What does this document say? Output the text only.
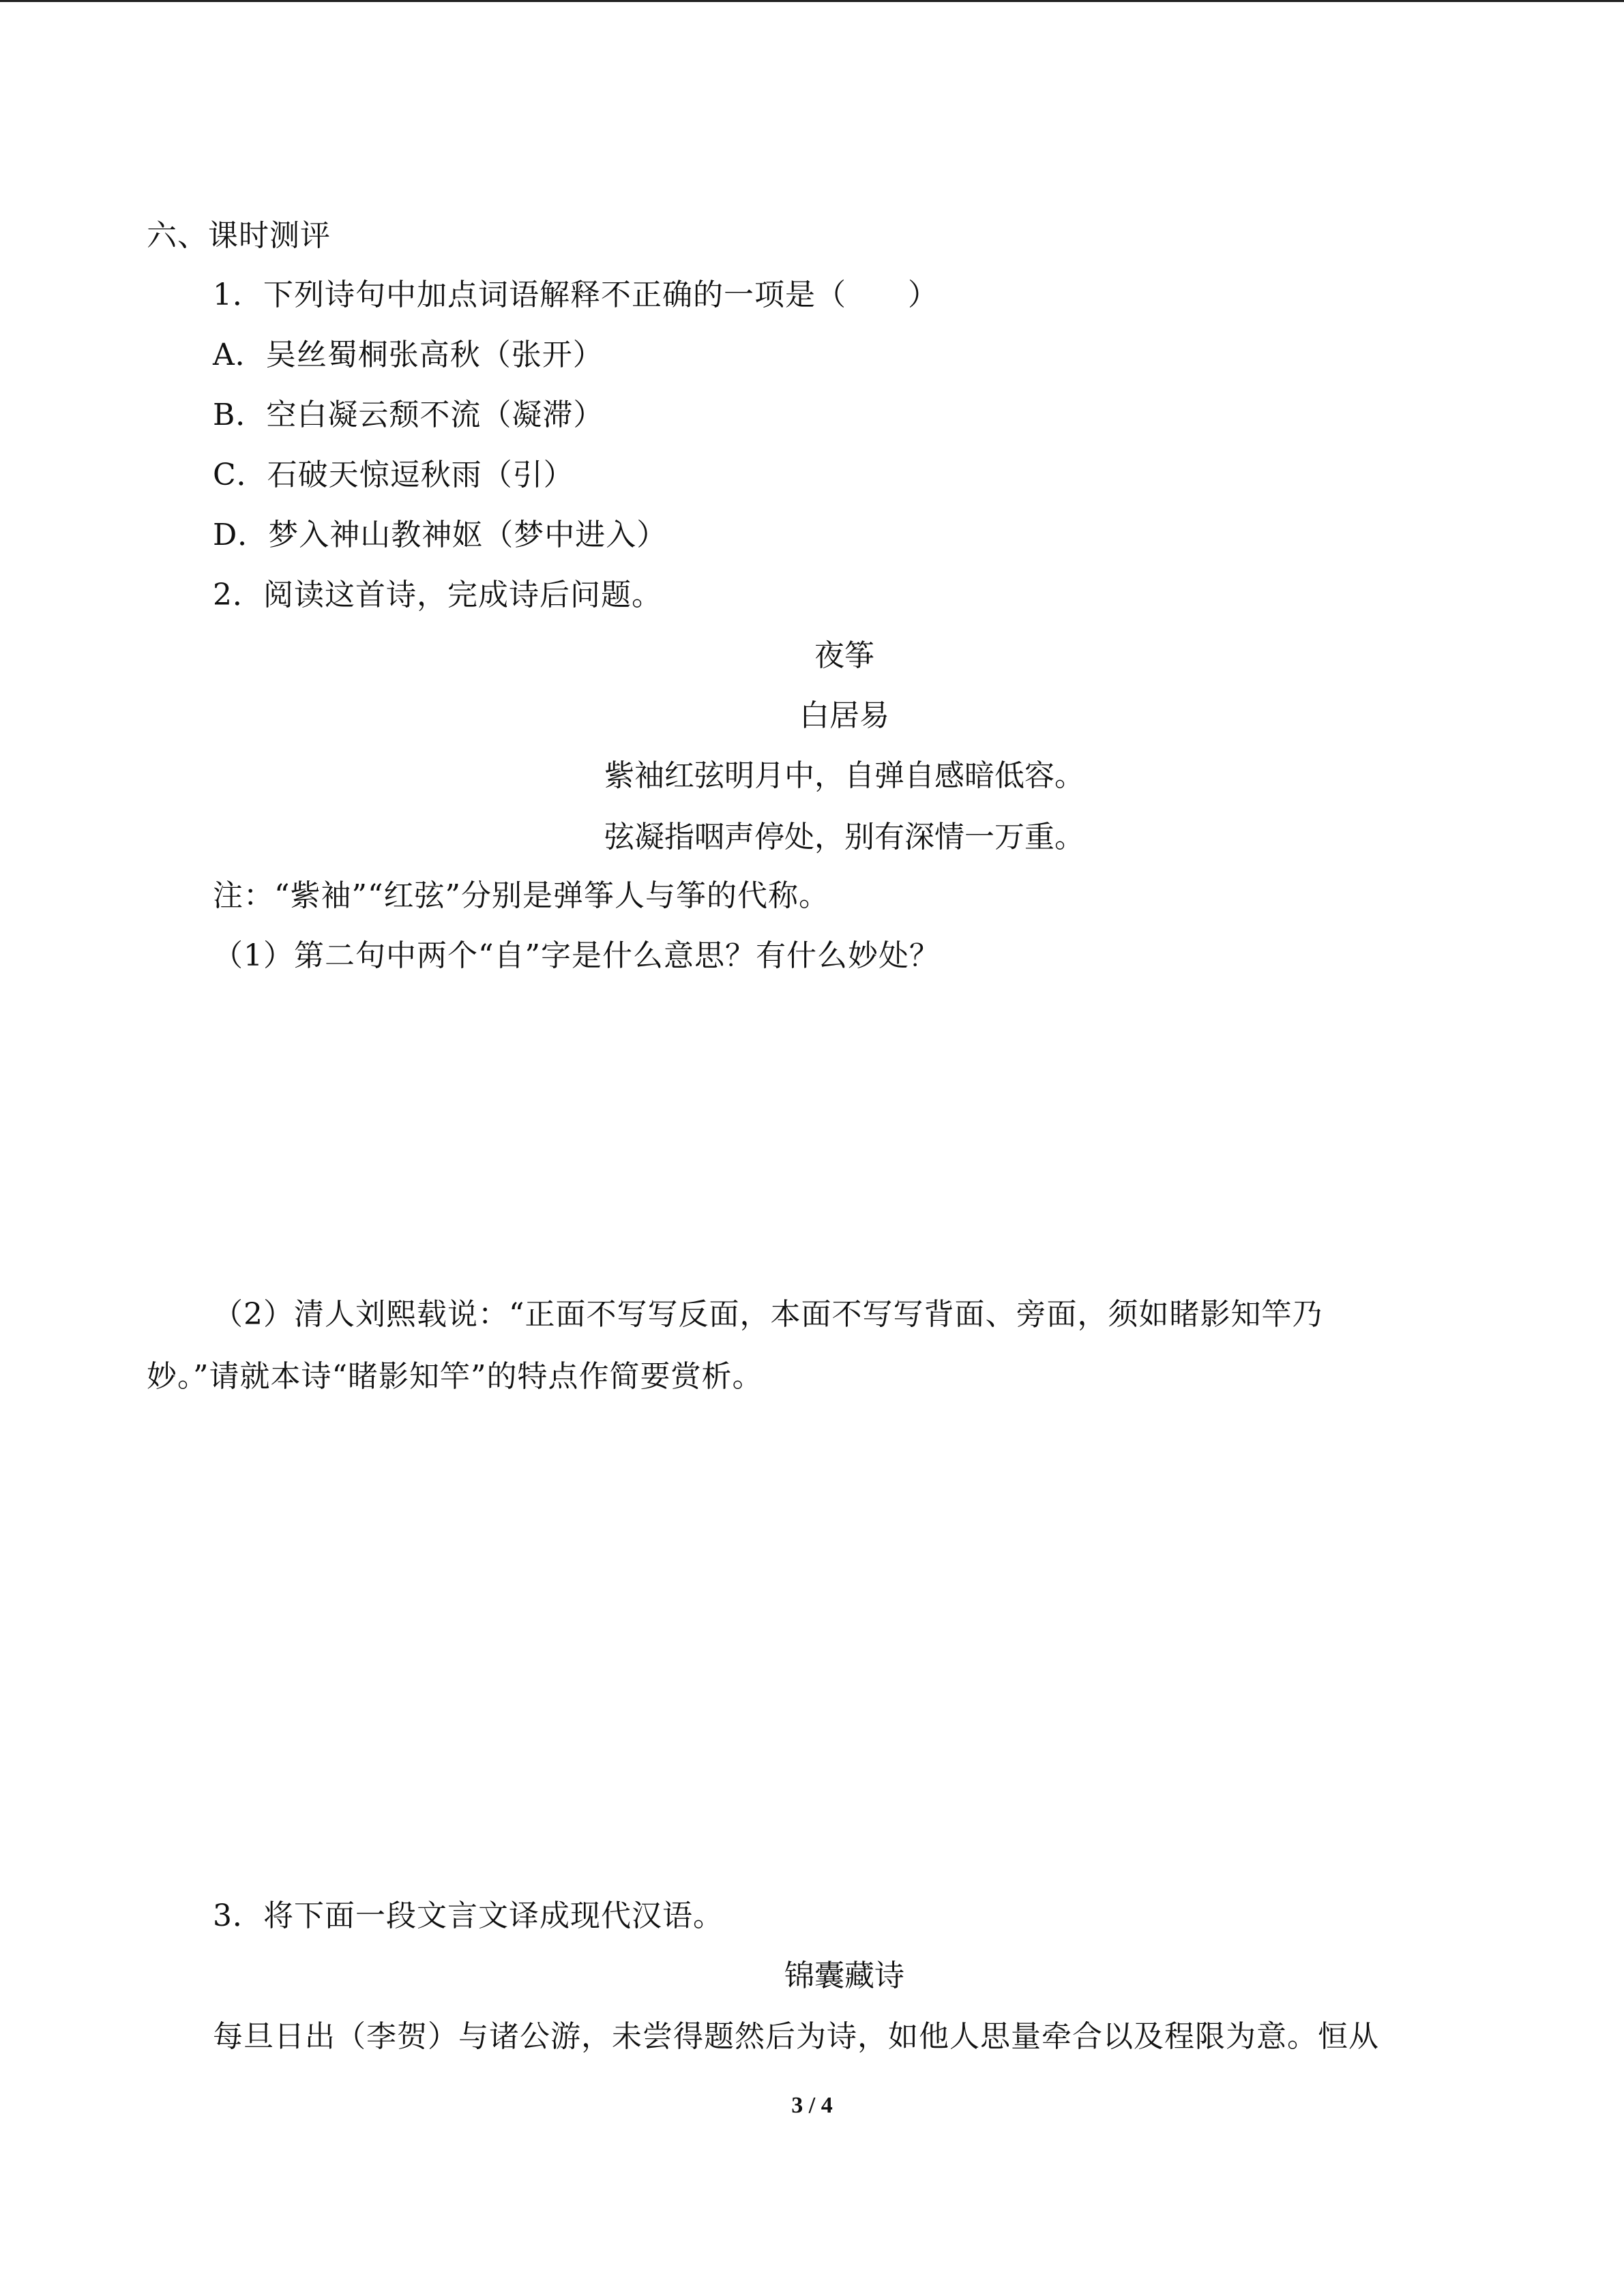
六、课时测评
1．下列诗句中加点词语解释不正确的一项是（　　）
A．吴丝蜀桐张高秋（张开）
B．空白凝云颓不流（凝滞）
C．石破天惊逗秋雨（引）
D．梦入神山教神妪（梦中进入）
2．阅读这首诗，完成诗后问题。
夜筝
白居易
紫袖红弦明月中，自弹自感暗低容。
弦凝指咽声停处，别有深情一万重。
注：“紫袖”“红弦”分别是弹筝人与筝的代称。
（1）第二句中两个“自”字是什么意思？有什么妙处？
（2）清人刘熙载说：“正面不写写反面，本面不写写背面、旁面，须如睹影知竿乃
妙。”请就本诗“睹影知竿”的特点作简要赏析。
3．将下面一段文言文译成现代汉语。
锦囊藏诗
每旦日出（李贺）与诸公游，未尝得题然后为诗，如他人思量牵合以及程限为意。恒从
3 / 4
